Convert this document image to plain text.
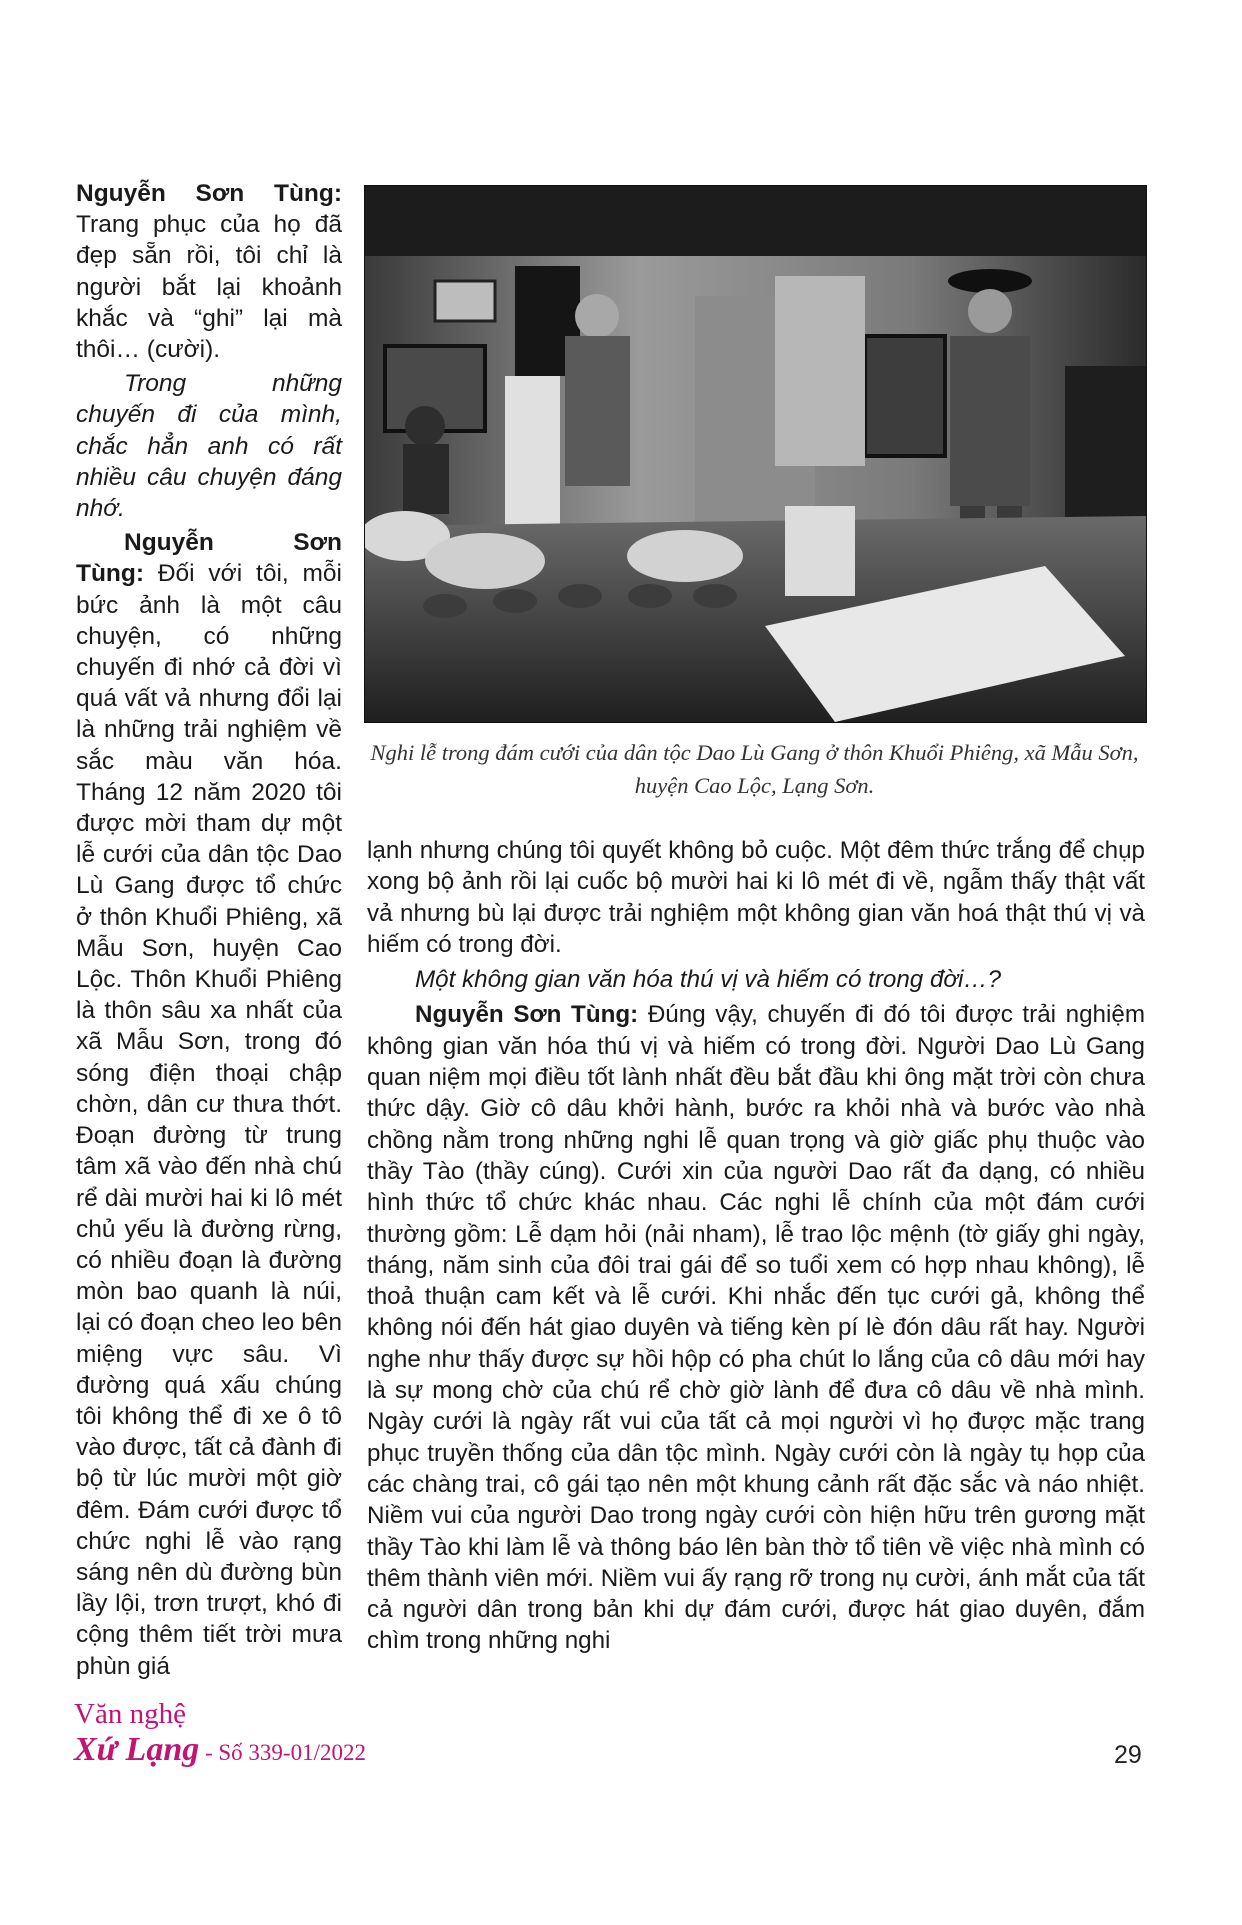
Nguyễn Sơn Tùng: Trang phục của họ đã đẹp sẵn rồi, tôi chỉ là người bắt lại khoảnh khắc và “ghi” lại mà thôi… (cười).

Trong những chuyến đi của mình, chắc hẳn anh có rất nhiều câu chuyện đáng nhớ.

Nguyễn Sơn Tùng: Đối với tôi, mỗi bức ảnh là một câu chuyện, có những chuyến đi nhớ cả đời vì quá vất vả nhưng đổi lại là những trải nghiệm về sắc màu văn hóa. Tháng 12 năm 2020 tôi được mời tham dự một lễ cưới của dân tộc Dao Lù Gang được tổ chức ở thôn Khuổi Phiêng, xã Mẫu Sơn, huyện Cao Lộc. Thôn Khuổi Phiêng là thôn sâu xa nhất của xã Mẫu Sơn, trong đó sóng điện thoại chập chờn, dân cư thưa thớt. Đoạn đường từ trung tâm xã vào đến nhà chú rể dài mười hai ki lô mét chủ yếu là đường rừng, có nhiều đoạn là đường mòn bao quanh là núi, lại có đoạn cheo leo bên miệng vực sâu. Vì đường quá xấu chúng tôi không thể đi xe ô tô vào được, tất cả đành đi bộ từ lúc mười một giờ đêm. Đám cưới được tổ chức nghi lễ vào rạng sáng nên dù đường bùn lầy lội, trơn trượt, khó đi cộng thêm tiết trời mưa phùn giá

Nghi lễ trong đám cưới của dân tộc Dao Lù Gang ở thôn Khuổi Phiêng, xã Mẫu Sơn, huyện Cao Lộc, Lạng Sơn.

lạnh nhưng chúng tôi quyết không bỏ cuộc. Một đêm thức trắng để chụp xong bộ ảnh rồi lại cuốc bộ mười hai ki lô mét đi về, ngẫm thấy thật vất vả nhưng bù lại được trải nghiệm một không gian văn hoá thật thú vị và hiếm có trong đời.

Một không gian văn hóa thú vị và hiếm có trong đời…?

Nguyễn Sơn Tùng: Đúng vậy, chuyến đi đó tôi được trải nghiệm không gian văn hóa thú vị và hiếm có trong đời. Người Dao Lù Gang quan niệm mọi điều tốt lành nhất đều bắt đầu khi ông mặt trời còn chưa thức dậy. Giờ cô dâu khởi hành, bước ra khỏi nhà và bước vào nhà chồng nằm trong những nghi lễ quan trọng và giờ giấc phụ thuộc vào thầy Tào (thầy cúng). Cưới xin của người Dao rất đa dạng, có nhiều hình thức tổ chức khác nhau. Các nghi lễ chính của một đám cưới thường gồm: Lễ dạm hỏi (nải nham), lễ trao lộc mệnh (tờ giấy ghi ngày, tháng, năm sinh của đôi trai gái để so tuổi xem có hợp nhau không), lễ thoả thuận cam kết và lễ cưới. Khi nhắc đến tục cưới gả, không thể không nói đến hát giao duyên và tiếng kèn pí lè đón dâu rất hay. Người nghe như thấy được sự hồi hộp có pha chút lo lắng của cô dâu mới hay là sự mong chờ của chú rể chờ giờ lành để đưa cô dâu về nhà mình. Ngày cưới là ngày rất vui của tất cả mọi người vì họ được mặc trang phục truyền thống của dân tộc mình. Ngày cưới còn là ngày tụ họp của các chàng trai, cô gái tạo nên một khung cảnh rất đặc sắc và náo nhiệt. Niềm vui của người Dao trong ngày cưới còn hiện hữu trên gương mặt thầy Tào khi làm lễ và thông báo lên bàn thờ tổ tiên về việc nhà mình có thêm thành viên mới. Niềm vui ấy rạng rỡ trong nụ cười, ánh mắt của tất cả người dân trong bản khi dự đám cưới, được hát giao duyên, đắm chìm trong những nghi

Văn nghệ
Xứ Lạng - Số 339-01/2022	29
